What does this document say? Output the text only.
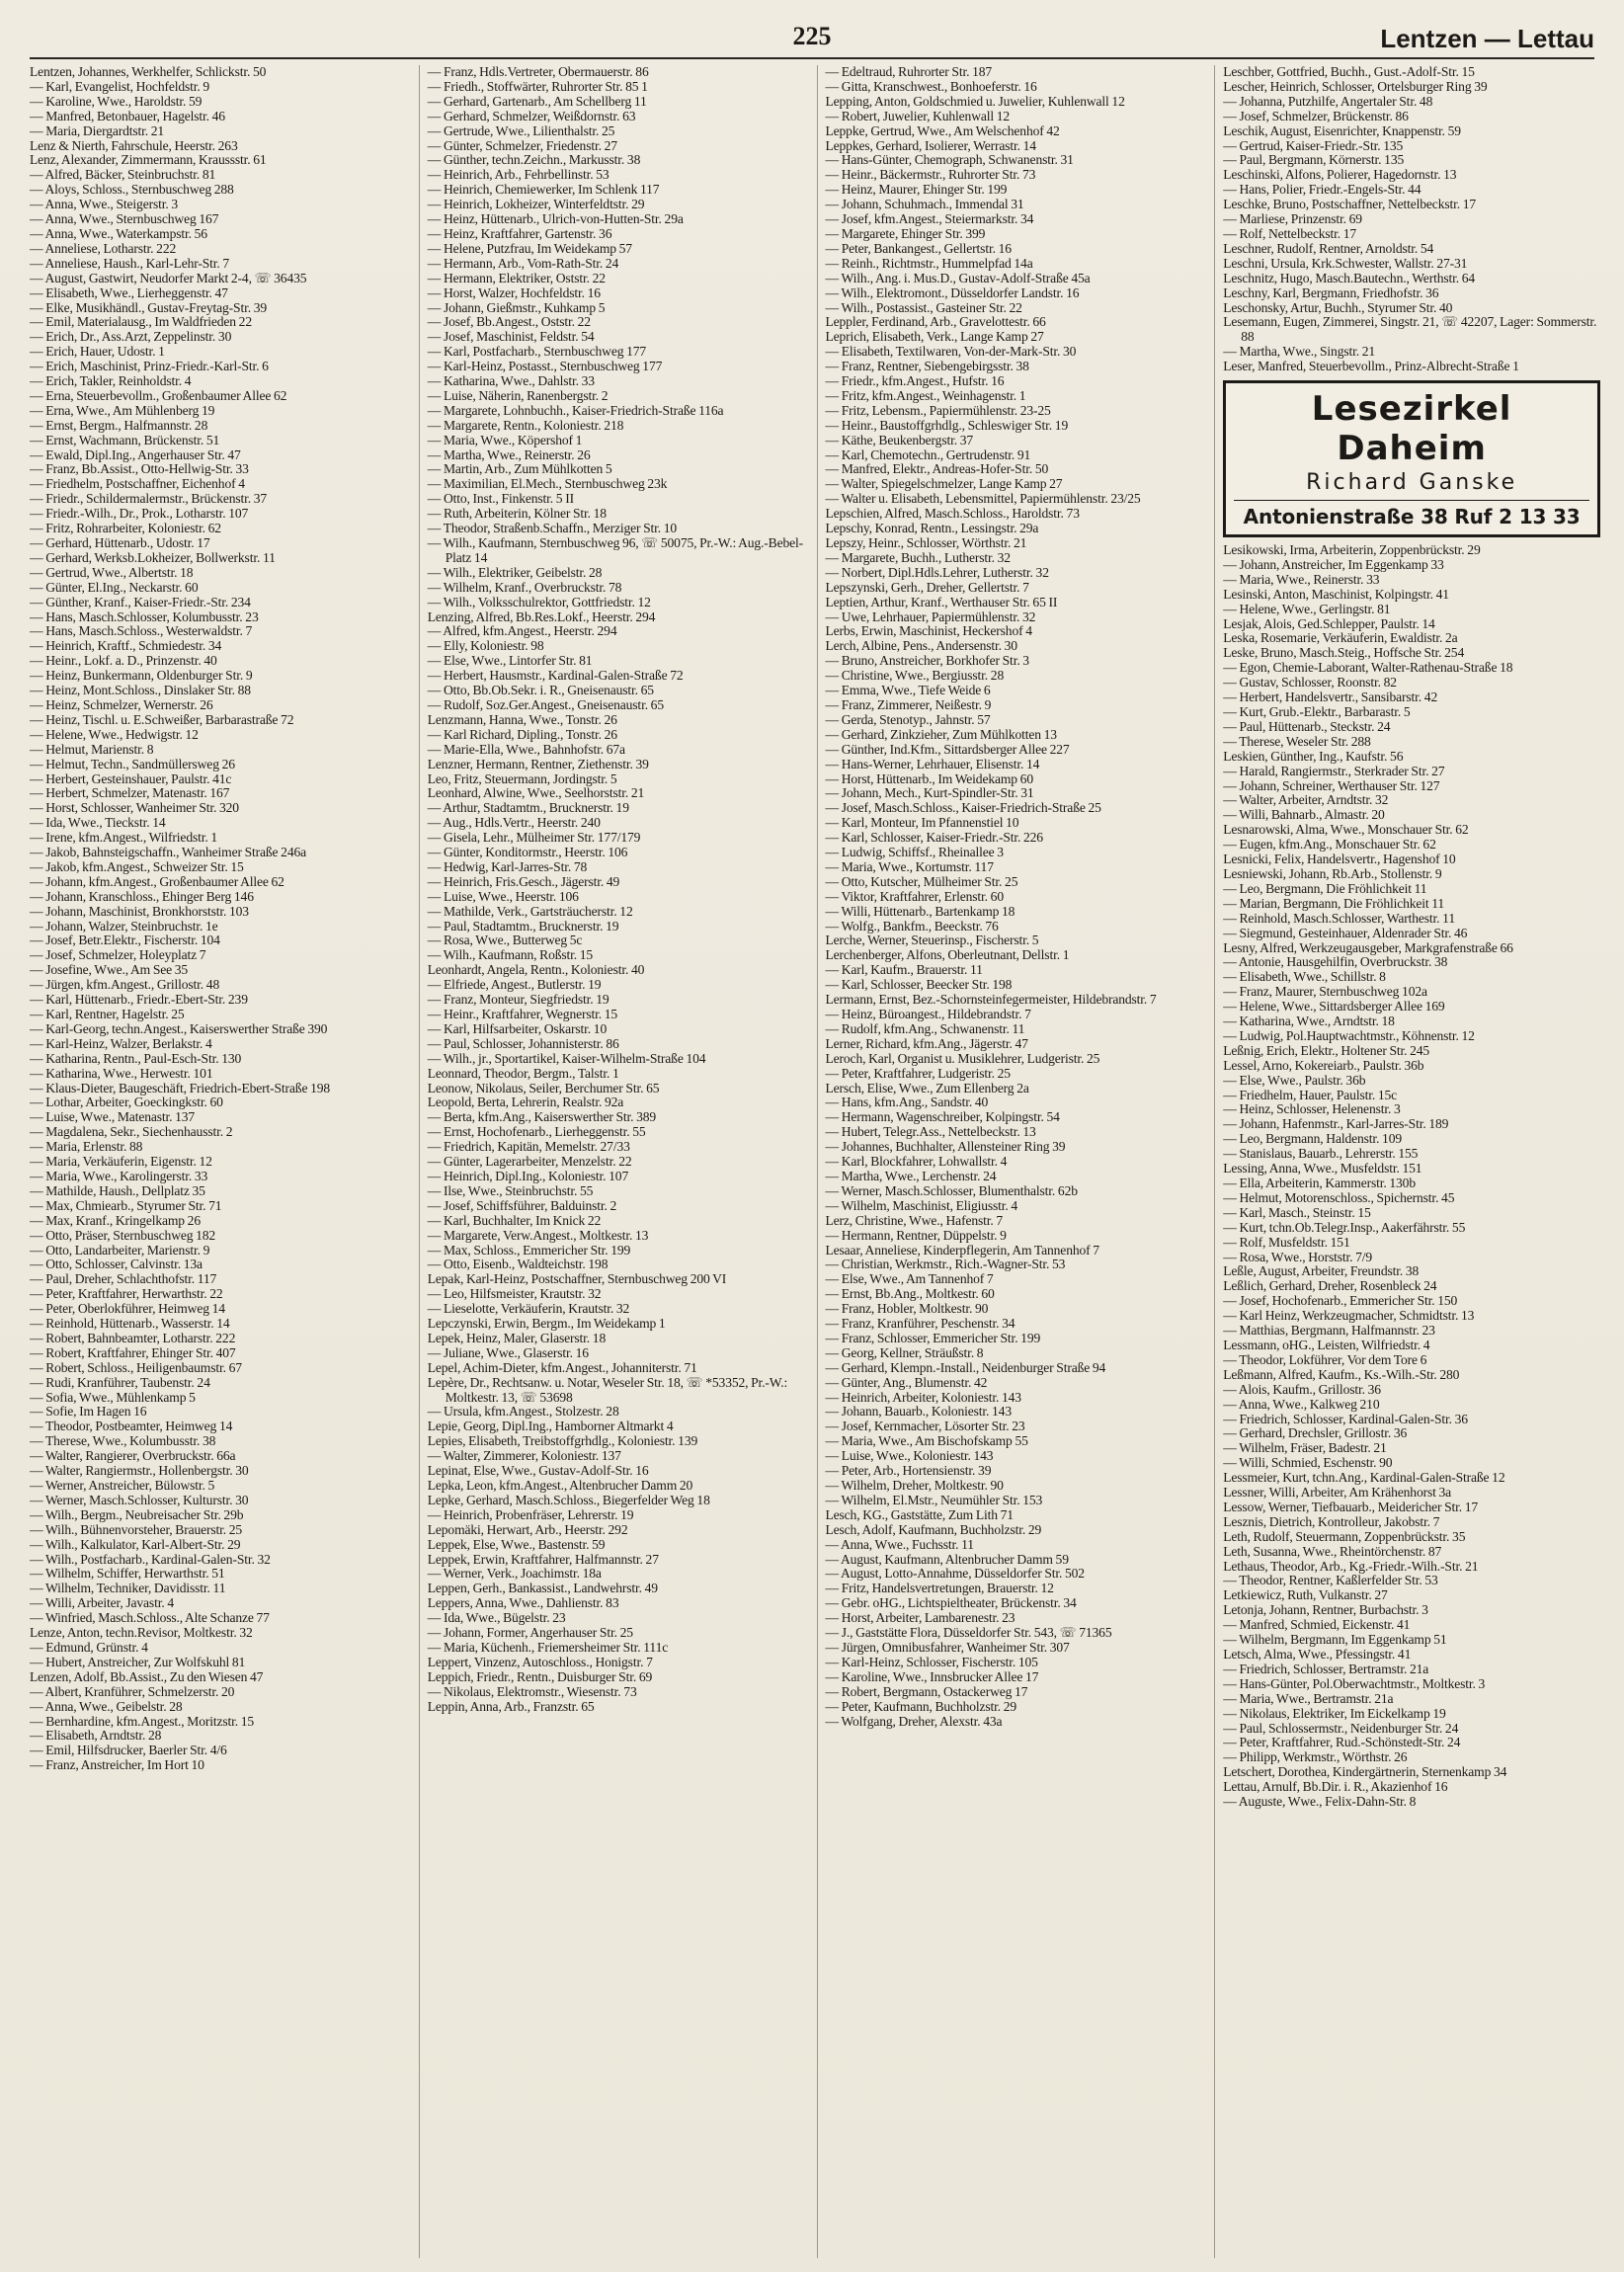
225	Lentzen — Lettau
Lentzen, Johannes, Werkhelfer, Schlickstr. 50
— Karl, Evangelist, Hochfeldstr. 9
— Karoline, Wwe., Haroldstr. 59
— Manfred, Betonbauer, Hagelstr. 46
— Maria, Diergardtstr. 21
Lenz & Nierth, Fahrschule, Heerstr. 263
Lenz, Alexander, Zimmermann, Kraussstr. 61
— Alfred, Bäcker, Steinbruchstr. 81
— Aloys, Schloss., Sternbuschweg 288
— Anna, Wwe., Steigerstr. 3
— Anna, Wwe., Sternbuschweg 167
— Anna, Wwe., Waterkampstr. 56
— Anneliese, Lotharstr. 222
— Anneliese, Haush., Karl-Lehr-Str. 7
— August, Gastwirt, Neudorfer Markt 2-4, ☏ 36435
— Elisabeth, Wwe., Lierheggenstr. 47
— Elke, Musikhändl., Gustav-Freytag-Str. 39
— Emil, Materialausg., Im Waldfrieden 22
— Erich, Dr., Ass.Arzt, Zeppelinstr. 30
— Erich, Hauer, Udostr. 1
— Erich, Maschinist, Prinz-Friedr.-Karl-Str. 6
— Erich, Takler, Reinholdstr. 4
— Erna, Steuerbevollm., Großenbaumer Allee 62
— Erna, Wwe., Am Mühlenberg 19
— Ernst, Bergm., Halfmannstr. 28
— Ernst, Wachmann, Brückenstr. 51
— Ewald, Dipl.Ing., Angerhauser Str. 47
— Franz, Bb.Assist., Otto-Hellwig-Str. 33
— Friedhelm, Postschaffner, Eichenhof 4
— Friedr., Schildermalermstr., Brückenstr. 37
— Friedr.-Wilh., Dr., Prok., Lotharstr. 107
— Fritz, Rohrarbeiter, Koloniestr. 62
— Gerhard, Hüttenarb., Udostr. 17
— Gerhard, Werksb.Lokheizer, Bollwerkstr. 11
— Gertrud, Wwe., Albertstr. 18
— Günter, El.Ing., Neckarstr. 60
— Günther, Kranf., Kaiser-Friedr.-Str. 234
— Hans, Masch.Schlosser, Kolumbusstr. 23
— Hans, Masch.Schloss., Westerwaldstr. 7
— Heinrich, Kraftf., Schmiedestr. 34
— Heinr., Lokf. a. D., Prinzenstr. 40
— Heinz, Bunkermann, Oldenburger Str. 9
— Heinz, Mont.Schloss., Dinslaker Str. 88
— Heinz, Schmelzer, Wernerstr. 26
— Heinz, Tischl. u. E.Schweißer, Barbarastraße 72
— Helene, Wwe., Hedwigstr. 12
— Helmut, Marienstr. 8
— Helmut, Techn., Sandmüllersweg 26
— Herbert, Gesteinshauer, Paulstr. 41c
— Herbert, Schmelzer, Matenastr. 167
— Horst, Schlosser, Wanheimer Str. 320
— Ida, Wwe., Tieckstr. 14
— Irene, kfm.Angest., Wilfriedstr. 1
— Jakob, Bahnsteigschaffn., Wanheimer Straße 246a
— Jakob, kfm.Angest., Schweizer Str. 15
— Johann, kfm.Angest., Großenbaumer Allee 62
— Johann, Kranschloss., Ehinger Berg 146
— Johann, Maschinist, Bronkhorststr. 103
— Johann, Walzer, Steinbruchstr. 1e
— Josef, Betr.Elektr., Fischerstr. 104
— Josef, Schmelzer, Holeyplatz 7
— Josefine, Wwe., Am See 35
— Jürgen, kfm.Angest., Grillostr. 48
— Karl, Hüttenarb., Friedr.-Ebert-Str. 239
— Karl, Rentner, Hagelstr. 25
— Karl-Georg, techn.Angest., Kaiserswerther Straße 390
— Karl-Heinz, Walzer, Berlakstr. 4
— Katharina, Rentn., Paul-Esch-Str. 130
— Katharina, Wwe., Herwestr. 101
— Klaus-Dieter, Baugeschäft, Friedrich-Ebert-Straße 198
— Lothar, Arbeiter, Goeckingkstr. 60
— Luise, Wwe., Matenastr. 137
— Magdalena, Sekr., Siechenhausstr. 2
— Maria, Erlenstr. 88
— Maria, Verkäuferin, Eigenstr. 12
— Maria, Wwe., Karolingerstr. 33
— Mathilde, Haush., Dellplatz 35
— Max, Chmiearb., Styrumer Str. 71
— Max, Kranf., Kringelkamp 26
— Otto, Präser, Sternbuschweg 182
— Otto, Landarbeiter, Marienstr. 9
— Otto, Schlosser, Calvinstr. 13a
— Paul, Dreher, Schlachthofstr. 117
— Peter, Kraftfahrer, Herwarthstr. 22
— Peter, Oberlokführer, Heimweg 14
— Reinhold, Hüttenarb., Wasserstr. 14
— Robert, Bahnbeamter, Lotharstr. 222
— Robert, Kraftfahrer, Ehinger Str. 407
— Robert, Schloss., Heiligenbaumstr. 67
— Rudi, Kranführer, Taubenstr. 24
— Sofia, Wwe., Mühlenkamp 5
— Sofie, Im Hagen 16
— Theodor, Postbeamter, Heimweg 14
— Therese, Wwe., Kolumbusstr. 38
— Walter, Rangierer, Overbruckstr. 66a
— Walter, Rangiermstr., Hollenbergstr. 30
— Werner, Anstreicher, Bülowstr. 5
— Werner, Masch.Schlosser, Kulturstr. 30
— Wilh., Bergm., Neubreisacher Str. 29b
— Wilh., Bühnenvorsteher, Brauerstr. 25
— Wilh., Kalkulator, Karl-Albert-Str. 29
— Wilh., Postfacharb., Kardinal-Galen-Str. 32
— Wilhelm, Schiffer, Herwarthstr. 51
— Wilhelm, Techniker, Davidisstr. 11
— Willi, Arbeiter, Javastr. 4
— Winfried, Masch.Schloss., Alte Schanze 77
Lenze, Anton, techn.Revisor, Moltkestr. 32
— Edmund, Grünstr. 4
— Hubert, Anstreicher, Zur Wolfskuhl 81
Lenzen, Adolf, Bb.Assist., Zu den Wiesen 47
— Albert, Kranführer, Schmelzerstr. 20
— Anna, Wwe., Geibelstr. 28
— Bernhardine, kfm.Angest., Moritzstr. 15
— Elisabeth, Arndtstr. 28
— Emil, Hilfsdrucker, Baerler Str. 4/6
— Franz, Anstreicher, Im Hort 10
— Franz, Hdls.Vertreter, Obermauerstr. 86
— Friedh., Stoffwärter, Ruhrorter Str. 85 1
— Gerhard, Gartenarb., Am Schellberg 11
— Gerhard, Schmelzer, Weißdornstr. 63
— Gertrude, Wwe., Lilienthalstr. 25
— Günter, Schmelzer, Friedenstr. 27
— Günther, techn.Zeichn., Markusstr. 38
— Heinrich, Arb., Fehrbellinstr. 53
— Heinrich, Chemiewerker, Im Schlenk 117
— Heinrich, Lokheizer, Winterfeldtstr. 29
— Heinz, Hüttenarb., Ulrich-von-Hutten-Str. 29a
— Heinz, Kraftfahrer, Gartenstr. 36
— Helene, Putzfrau, Im Weidekamp 57
— Hermann, Arb., Vom-Rath-Str. 24
— Hermann, Elektriker, Oststr. 22
— Horst, Walzer, Hochfeldstr. 16
— Johann, Gießmstr., Kuhkamp 5
— Josef, Bb.Angest., Oststr. 22
— Josef, Maschinist, Feldstr. 54
— Karl, Postfacharb., Sternbuschweg 177
— Karl-Heinz, Postasst., Sternbuschweg 177
— Katharina, Wwe., Dahlstr. 33
— Luise, Näherin, Ranenbergstr. 2
— Margarete, Lohnbuchh., Kaiser-Friedrich-Straße 116a
— Margarete, Rentn., Koloniestr. 218
— Maria, Wwe., Köpershof 1
— Martha, Wwe., Reinerstr. 26
— Martin, Arb., Zum Mühlkotten 5
— Maximilian, El.Mech., Sternbuschweg 23k
— Otto, Inst., Finkenstr. 5 II
— Ruth, Arbeiterin, Kölner Str. 18
— Theodor, Straßenb.Schaffn., Merziger Str. 10
— Wilh., Kaufmann, Sternbuschweg 96, ☏ 50075, Pr.-W.: Aug.-Bebel-Platz 14
— Wilh., Elektriker, Geibelstr. 28
— Wilhelm, Kranf., Overbruckstr. 78
— Wilh., Volksschulrektor, Gottfriedstr. 12
Lenzing, Alfred, Bb.Res.Lokf., Heerstr. 294
— Alfred, kfm.Angest., Heerstr. 294
— Elly, Koloniestr. 98
— Else, Wwe., Lintorfer Str. 81
— Herbert, Hausmstr., Kardinal-Galen-Straße 72
— Otto, Bb.Ob.Sekr. i. R., Gneisenaustr. 65
— Rudolf, Soz.Ger.Angest., Gneisenaustr. 65
Lenzmann, Hanna, Wwe., Tonstr. 26
— Karl Richard, Dipling., Tonstr. 26
— Marie-Ella, Wwe., Bahnhofstr. 67a
Lenzner, Hermann, Rentner, Ziethenstr. 39
Leo, Fritz, Steuermann, Jordingstr. 5
Leonhard, Alwine, Wwe., Seelhorststr. 21
— Arthur, Stadtamtm., Brucknerstr. 19
— Aug., Hdls.Vertr., Heerstr. 240
— Gisela, Lehr., Mülheimer Str. 177/179
— Günter, Konditormstr., Heerstr. 106
— Hedwig, Karl-Jarres-Str. 78
— Heinrich, Fris.Gesch., Jägerstr. 49
— Luise, Wwe., Heerstr. 106
— Mathilde, Verk., Gartsträucherstr. 12
— Paul, Stadtamtm., Brucknerstr. 19
— Rosa, Wwe., Butterweg 5c
— Wilh., Kaufmann, Roßstr. 15
Leonhardt, Angela, Rentn., Koloniestr. 40
— Elfriede, Angest., Butlerstr. 19
— Franz, Monteur, Siegfriedstr. 19
— Heinr., Kraftfahrer, Wegnerstr. 15
— Karl, Hilfsarbeiter, Oskarstr. 10
— Paul, Schlosser, Johannisterstr. 86
— Wilh., jr., Sportartikel, Kaiser-Wilhelm-Straße 104
Leonnard, Theodor, Bergm., Talstr. 1
Leonow, Nikolaus, Seiler, Berchumer Str. 65
Leopold, Berta, Lehrerin, Realstr. 92a
— Berta, kfm.Ang., Kaiserswerther Str. 389
— Ernst, Hochofenarb., Lierheggenstr. 55
— Friedrich, Kapitän, Memelstr. 27/33
— Günter, Lagerarbeiter, Menzelstr. 22
— Heinrich, Dipl.Ing., Koloniestr. 107
— Ilse, Wwe., Steinbruchstr. 55
— Josef, Schiffsführer, Balduinstr. 2
— Karl, Buchhalter, Im Knick 22
— Margarete, Verw.Angest., Moltkestr. 13
— Max, Schloss., Emmericher Str. 199
— Otto, Eisenb., Waldteichstr. 198
Lepak, Karl-Heinz, Postschaffner, Sternbuschweg 200 VI
— Leo, Hilfsmeister, Krautstr. 32
— Lieselotte, Verkäuferin, Krautstr. 32
Lepczynski, Erwin, Bergm., Im Weidekamp 1
Lepek, Heinz, Maler, Glaserstr. 18
— Juliane, Wwe., Glaserstr. 16
Lepel, Achim-Dieter, kfm.Angest., Johanniterstr. 71
Lepère, Dr., Rechtsanw. u. Notar, Weseler Str. 18, ☏ *53352, Pr.-W.: Moltkestr. 13, ☏ 53698
— Ursula, kfm.Angest., Stolzestr. 28
Lepie, Georg, Dipl.Ing., Hamborner Altmarkt 4
Lepies, Elisabeth, Treibstoffgrhdlg., Koloniestr. 139
— Walter, Zimmerer, Koloniestr. 137
Lepinat, Else, Wwe., Gustav-Adolf-Str. 16
Lepka, Leon, kfm.Angest., Altenbrucher Damm 20
Lepke, Gerhard, Masch.Schloss., Biegerfelder Weg 18
— Heinrich, Probenfräser, Lehrerstr. 19
Lepomäki, Herwart, Arb., Heerstr. 292
Leppek, Else, Wwe., Bastenstr. 59
Leppek, Erwin, Kraftfahrer, Halfmannstr. 27
— Werner, Verk., Joachimstr. 18a
Leppen, Gerh., Bankassist., Landwehrstr. 49
Leppers, Anna, Wwe., Dahlienstr. 83
— Ida, Wwe., Bügelstr. 23
— Johann, Former, Angerhauser Str. 25
— Maria, Küchenh., Friemersheimer Str. 111c
Leppert, Vinzenz, Autoschloss., Honigstr. 7
Leppich, Friedr., Rentn., Duisburger Str. 69
— Nikolaus, Elektromstr., Wiesenstr. 73
Leppin, Anna, Arb., Franzstr. 65
— Edeltraud, Ruhrorter Str. 187
— Gitta, Kranschwest., Bonhoeferstr. 16
Lepping, Anton, Goldschmied u. Juwelier, Kuhlenwall 12
— Robert, Juwelier, Kuhlenwall 12
Leppke, Gertrud, Wwe., Am Welschenhof 42
Leppkes, Gerhard, Isolierer, Werrastr. 14
— Hans-Günter, Chemograph, Schwanenstr. 31
— Heinr., Bäckermstr., Ruhrorter Str. 73
— Heinz, Maurer, Ehinger Str. 199
— Johann, Schuhmach., Immendal 31
— Josef, kfm.Angest., Steiermarkstr. 34
— Margarete, Ehinger Str. 399
— Peter, Bankangest., Gellertstr. 16
— Reinh., Richtmstr., Hummelpfad 14a
— Wilh., Ang. i. Mus.D., Gustav-Adolf-Straße 45a
— Wilh., Elektromont., Düsseldorfer Landstr. 16
— Wilh., Postassist., Gasteiner Str. 22
Leppler, Ferdinand, Arb., Gravelottestr. 66
Leprich, Elisabeth, Verk., Lange Kamp 27
— Elisabeth, Textilwaren, Von-der-Mark-Str. 30
— Franz, Rentner, Siebengebirgsstr. 38
— Friedr., kfm.Angest., Hufstr. 16
— Fritz, kfm.Angest., Weinhagenstr. 1
— Fritz, Lebensm., Papiermühlenstr. 23-25
— Heinr., Baustoffgrhdlg., Schleswiger Str. 19
— Käthe, Beukenbergstr. 37
— Karl, Chemotechn., Gertrudenstr. 91
— Manfred, Elektr., Andreas-Hofer-Str. 50
— Walter, Spiegelschmelzer, Lange Kamp 27
— Walter u. Elisabeth, Lebensmittel, Papiermühlenstr. 23/25
Lepschien, Alfred, Masch.Schloss., Haroldstr. 73
Lepschy, Konrad, Rentn., Lessingstr. 29a
Lepszy, Heinr., Schlosser, Wörthstr. 21
— Margarete, Buchh., Lutherstr. 32
— Norbert, Dipl.Hdls.Lehrer, Lutherstr. 32
Lepszynski, Gerh., Dreher, Gellertstr. 7
Leptien, Arthur, Kranf., Werthauser Str. 65 II
— Uwe, Lehrhauer, Papiermühlenstr. 32
Lerbs, Erwin, Maschinist, Heckershof 4
Lerch, Albine, Pens., Andersenstr. 30
— Bruno, Anstreicher, Borkhofer Str. 3
— Christine, Wwe., Bergiusstr. 28
— Emma, Wwe., Tiefe Weide 6
— Franz, Zimmerer, Neißestr. 9
— Gerda, Stenotyp., Jahnstr. 57
— Gerhard, Zinkzieher, Zum Mühlkotten 13
— Günther, Ind.Kfm., Sittardsberger Allee 227
— Hans-Werner, Lehrhauer, Elisenstr. 14
— Horst, Hüttenarb., Im Weidekamp 60
— Johann, Mech., Kurt-Spindler-Str. 31
— Josef, Masch.Schloss., Kaiser-Friedrich-Straße 25
— Karl, Monteur, Im Pfannenstiel 10
— Karl, Schlosser, Kaiser-Friedr.-Str. 226
— Ludwig, Schiffsf., Rheinallee 3
— Maria, Wwe., Kortumstr. 117
— Otto, Kutscher, Mülheimer Str. 25
— Viktor, Kraftfahrer, Erlenstr. 60
— Willi, Hüttenarb., Bartenkamp 18
— Wolfg., Bankfm., Beeckstr. 76
Lerche, Werner, Steuerinsp., Fischerstr. 5
Lerchenberger, Alfons, Oberleutnant, Dellstr. 1
— Karl, Kaufm., Brauerstr. 11
— Karl, Schlosser, Beecker Str. 198
Lermann, Ernst, Bez.-Schornsteinfegermeister, Hildebrandstr. 7
— Heinz, Büroangest., Hildebrandstr. 7
— Rudolf, kfm.Ang., Schwanenstr. 11
Lerner, Richard, kfm.Ang., Jägerstr. 47
Leroch, Karl, Organist u. Musiklehrer, Ludgeristr. 25
— Peter, Kraftfahrer, Ludgeristr. 25
Lersch, Elise, Wwe., Zum Ellenberg 2a
— Hans, kfm.Ang., Sandstr. 40
— Hermann, Wagenschreiber, Kolpingstr. 54
— Hubert, Telegr.Ass., Nettelbeckstr. 13
— Johannes, Buchhalter, Allensteiner Ring 39
— Karl, Blockfahrer, Lohwallstr. 4
— Martha, Wwe., Lerchenstr. 24
— Werner, Masch.Schlosser, Blumenthalstr. 62b
— Wilhelm, Maschinist, Eligiusstr. 4
Lerz, Christine, Wwe., Hafenstr. 7
— Hermann, Rentner, Düppelstr. 9
Lesaar, Anneliese, Kinderpflegerin, Am Tannenhof 7
— Christian, Werkmstr., Rich.-Wagner-Str. 53
— Else, Wwe., Am Tannenhof 7
— Ernst, Bb.Ang., Moltkestr. 60
— Franz, Hobler, Moltkestr. 90
— Franz, Kranführer, Peschenstr. 34
— Franz, Schlosser, Emmericher Str. 199
— Georg, Kellner, Sträußstr. 8
— Gerhard, Klempn.-Install., Neidenburger Straße 94
— Günter, Ang., Blumenstr. 42
— Heinrich, Arbeiter, Koloniestr. 143
— Johann, Bauarb., Koloniestr. 143
— Josef, Kernmacher, Lösorter Str. 23
— Maria, Wwe., Am Bischofskamp 55
— Luise, Wwe., Koloniestr. 143
— Peter, Arb., Hortensienstr. 39
— Wilhelm, Dreher, Moltkestr. 90
— Wilhelm, El.Mstr., Neumühler Str. 153
Lesch, KG., Gaststätte, Zum Lith 71
Lesch, Adolf, Kaufmann, Buchholzstr. 29
— Anna, Wwe., Fuchsstr. 11
— August, Kaufmann, Altenbrucher Damm 59
— August, Lotto-Annahme, Düsseldorfer Str. 502
— Fritz, Handelsvertretungen, Brauerstr. 12
— Gebr. oHG., Lichtspieltheater, Brückenstr. 34
— Horst, Arbeiter, Lambarenestr. 23
— J., Gaststätte Flora, Düsseldorfer Str. 543, ☏ 71365
— Jürgen, Omnibusfahrer, Wanheimer Str. 307
— Karl-Heinz, Schlosser, Fischerstr. 105
— Karoline, Wwe., Innsbrucker Allee 17
— Robert, Bergmann, Ostackerweg 17
— Peter, Kaufmann, Buchholzstr. 29
— Wolfgang, Dreher, Alexstr. 43a
Leschber, Gottfried, Buchh., Gust.-Adolf-Str. 15
Lescher, Heinrich, Schlosser, Ortelsburger Ring 39
— Johanna, Putzhilfe, Angertaler Str. 48
— Josef, Schmelzer, Brückenstr. 86
Leschik, August, Eisenrichter, Knappenstr. 59
— Gertrud, Kaiser-Friedr.-Str. 135
— Paul, Bergmann, Körnerstr. 135
Leschinski, Alfons, Polierer, Hagedornstr. 13
— Hans, Polier, Friedr.-Engels-Str. 44
Leschke, Bruno, Postschaffner, Nettelbeckstr. 17
— Marliese, Prinzenstr. 69
— Rolf, Nettelbeckstr. 17
Leschner, Rudolf, Rentner, Arnoldstr. 54
Leschni, Ursula, Krk.Schwester, Wallstr. 27-31
Leschnitz, Hugo, Masch.Bautechn., Werthstr. 64
Leschny, Karl, Bergmann, Friedhofstr. 36
Leschonsky, Artur, Buchh., Styrumer Str. 40
Lesemann, Eugen, Zimmerei, Singstr. 21, ☏ 42207, Lager: Sommerstr. 88
— Martha, Wwe., Singstr. 21
Leser, Manfred, Steuerbevollm., Prinz-Albrecht-Straße 1
Lesezirkel Daheim
Richard Ganske
Antonienstraße 38 Ruf 2 13 33
Lesikowski, Irma, Arbeiterin, Zoppenbrückstr. 29
— Johann, Anstreicher, Im Eggenkamp 33
— Maria, Wwe., Reinerstr. 33
Lesinski, Anton, Maschinist, Kolpingstr. 41
— Helene, Wwe., Gerlingstr. 81
Lesjak, Alois, Ged.Schlepper, Paulstr. 14
Leska, Rosemarie, Verkäuferin, Ewaldistr. 2a
Leske, Bruno, Masch.Steig., Hoffsche Str. 254
— Egon, Chemie-Laborant, Walter-Rathenau-Straße 18
— Gustav, Schlosser, Roonstr. 82
— Herbert, Handelsvertr., Sansibarstr. 42
— Kurt, Grub.-Elektr., Barbarastr. 5
— Paul, Hüttenarb., Steckstr. 24
— Therese, Weseler Str. 288
Leskien, Günther, Ing., Kaufstr. 56
— Harald, Rangiermstr., Sterkrader Str. 27
— Johann, Schreiner, Werthauser Str. 127
— Walter, Arbeiter, Arndtstr. 32
— Willi, Bahnarb., Almastr. 20
Lesnarowski, Alma, Wwe., Monschauer Str. 62
— Eugen, kfm.Ang., Monschauer Str. 62
Lesnicki, Felix, Handelsvertr., Hagenshof 10
Lesniewski, Johann, Rb.Arb., Stollenstr. 9
— Leo, Bergmann, Die Fröhlichkeit 11
— Marian, Bergmann, Die Fröhlichkeit 11
— Reinhold, Masch.Schlosser, Warthestr. 11
— Siegmund, Gesteinhauer, Aldenrader Str. 46
Lesny, Alfred, Werkzeugausgeber, Markgrafenstraße 66
— Antonie, Hausgehilfin, Overbruckstr. 38
— Elisabeth, Wwe., Schillstr. 8
— Franz, Maurer, Sternbuschweg 102a
— Helene, Wwe., Sittardsberger Allee 169
— Katharina, Wwe., Arndtstr. 18
— Ludwig, Pol.Hauptwachtmstr., Köhnenstr. 12
Leßnig, Erich, Elektr., Holtener Str. 245
Lessel, Arno, Kokereiarb., Paulstr. 36b
— Else, Wwe., Paulstr. 36b
— Friedhelm, Hauer, Paulstr. 15c
— Heinz, Schlosser, Helenenstr. 3
— Johann, Hafenmstr., Karl-Jarres-Str. 189
— Leo, Bergmann, Haldenstr. 109
— Stanislaus, Bauarb., Lehrerstr. 155
Lessing, Anna, Wwe., Musfeldstr. 151
— Ella, Arbeiterin, Kammerstr. 130b
— Helmut, Motorenschloss., Spichernstr. 45
— Karl, Masch., Steinstr. 15
— Kurt, tchn.Ob.Telegr.Insp., Aakerfährstr. 55
— Rolf, Musfeldstr. 151
— Rosa, Wwe., Horststr. 7/9
Leßle, August, Arbeiter, Freundstr. 38
Leßlich, Gerhard, Dreher, Rosenbleck 24
— Josef, Hochofenarb., Emmericher Str. 150
— Karl Heinz, Werkzeugmacher, Schmidtstr. 13
— Matthias, Bergmann, Halfmannstr. 23
Lessmann, oHG., Leisten, Wilfriedstr. 4
— Theodor, Lokführer, Vor dem Tore 6
Leßmann, Alfred, Kaufm., Ks.-Wilh.-Str. 280
— Alois, Kaufm., Grillostr. 36
— Anna, Wwe., Kalkweg 210
— Friedrich, Schlosser, Kardinal-Galen-Str. 36
— Gerhard, Drechsler, Grillostr. 36
— Wilhelm, Fräser, Badestr. 21
— Willi, Schmied, Eschenstr. 90
Lessmeier, Kurt, tchn.Ang., Kardinal-Galen-Straße 12
Lessner, Willi, Arbeiter, Am Krähenhorst 3a
Lessow, Werner, Tiefbauarb., Meidericher Str. 17
Lesznis, Dietrich, Kontrolleur, Jakobstr. 7
Leth, Rudolf, Steuermann, Zoppenbrückstr. 35
Leth, Susanna, Wwe., Rheintörchenstr. 87
Lethaus, Theodor, Arb., Kg.-Friedr.-Wilh.-Str. 21
— Theodor, Rentner, Kaßlerfelder Str. 53
Letkiewicz, Ruth, Vulkanstr. 27
Letonja, Johann, Rentner, Burbachstr. 3
— Manfred, Schmied, Eickenstr. 41
— Wilhelm, Bergmann, Im Eggenkamp 51
Letsch, Alma, Wwe., Pfessingstr. 41
— Friedrich, Schlosser, Bertramstr. 21a
— Hans-Günter, Pol.Oberwachtmstr., Moltkestr. 3
— Maria, Wwe., Bertramstr. 21a
— Nikolaus, Elektriker, Im Eickelkamp 19
— Paul, Schlossermstr., Neidenburger Str. 24
— Peter, Kraftfahrer, Rud.-Schönstedt-Str. 24
— Philipp, Werkmstr., Wörthstr. 26
Letschert, Dorothea, Kindergärtnerin, Sternenkamp 34
Lettau, Arnulf, Bb.Dir. i. R., Akazienhof 16
— Auguste, Wwe., Felix-Dahn-Str. 8
